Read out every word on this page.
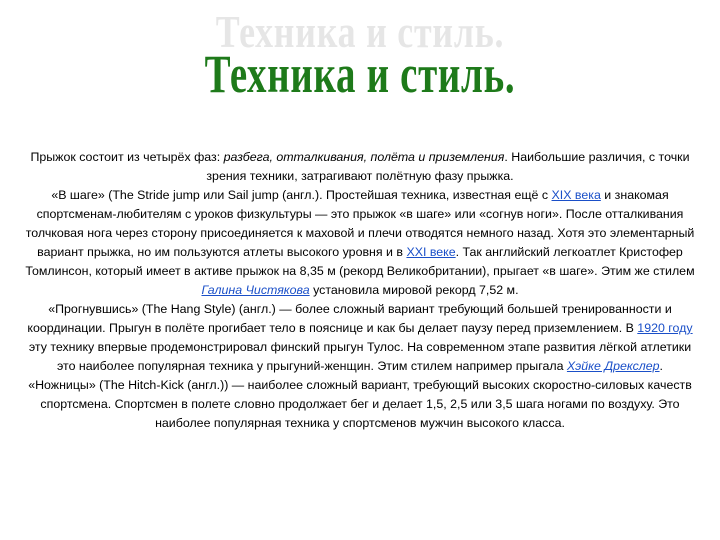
Техника и стиль.
Техника и стиль.

Прыжок состоит из четырёх фаз: разбега, отталкивания, полёта и приземления. Наибольшие различия, с точки зрения техники, затрагивают полётную фазу прыжка.

«В шаге» (The Stride jump или Sail jump (англ.). Простейшая техника, известная ещё с XIX века и знакомая спортсменам-любителям с уроков физкультуры — это прыжок «в шаге» или «согнув ноги». После отталкивания толчковая нога через сторону присоединяется к маховой и плечи отводятся немного назад. Хотя это элементарный вариант прыжка, но им пользуются атлеты высокого уровня и в XXI веке. Так английский легкоатлет Кристофер Томлинсон, который имеет в активе прыжок на 8,35 м (рекорд Великобритании), прыгает «в шаге». Этим же стилем Галина Чистякова установила мировой рекорд 7,52 м.

«Прогнувшись» (The Hang Style) (англ.) — более сложный вариант требующий большей тренированности и координации. Прыгун в полёте прогибает тело в пояснице и как бы делает паузу перед приземлением. В 1920 году эту технику впервые продемонстрировал финский прыгун Тулос. На современном этапе развития лёгкой атлетики это наиболее популярная техника у прыгуний-женщин. Этим стилем например прыгала Хэйке Дрекслер.

«Ножницы» (The Hitch-Kick (англ.)) — наиболее сложный вариант, требующий высоких скоростно-силовых качеств спортсмена. Спортсмен в полете словно продолжает бег и делает 1,5, 2,5 или 3,5 шага ногами по воздуху. Это наиболее популярная техника у спортсменов мужчин высокого класса.
